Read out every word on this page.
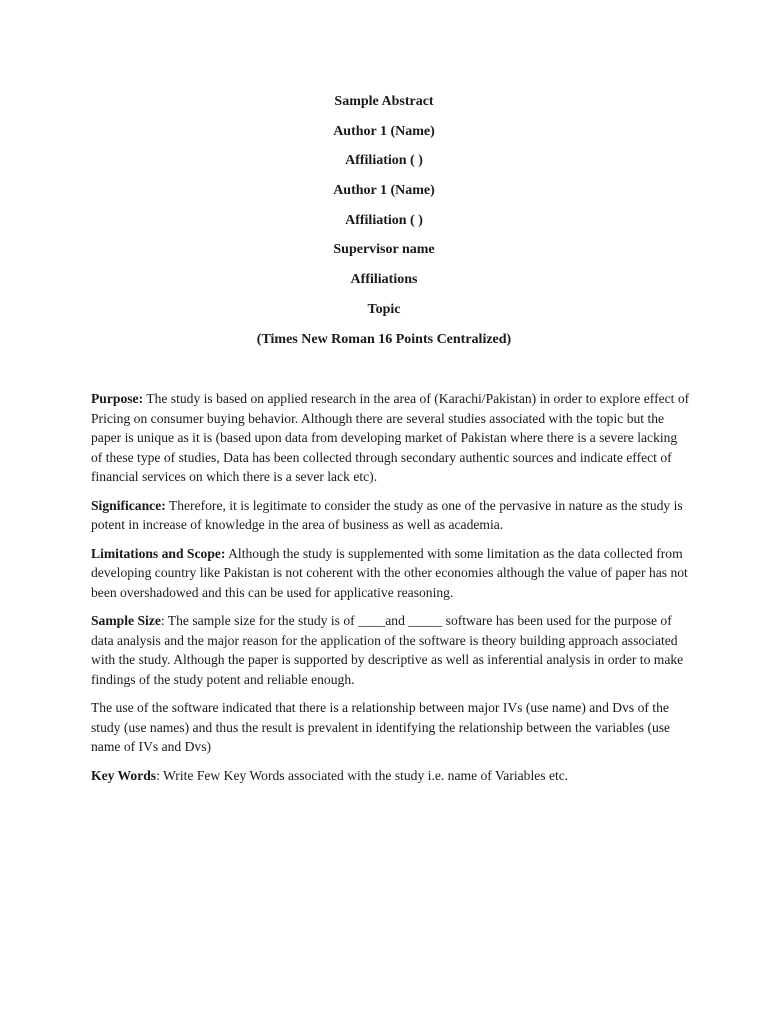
Sample Abstract
Author 1 (Name)
Affiliation ( )
Author 1 (Name)
Affiliation ( )
Supervisor name
Affiliations
Topic
(Times New Roman 16 Points Centralized)

Purpose: The study is based on applied research in the area of (Karachi/Pakistan) in order to explore effect of Pricing on consumer buying behavior. Although there are several studies associated with the topic but the paper is unique as it is (based upon data from developing market of Pakistan where there is a severe lacking of these type of studies, Data has been collected through secondary authentic sources and indicate effect of financial services on which there is a sever lack etc).

Significance: Therefore, it is legitimate to consider the study as one of the pervasive in nature as the study is potent in increase of knowledge in the area of business as well as academia.

Limitations and Scope: Although the study is supplemented with some limitation as the data collected from developing country like Pakistan is not coherent with the other economies although the value of paper has not been overshadowed and this can be used for applicative reasoning.

Sample Size: The sample size for the study is of ____and _____ software has been used for the purpose of data analysis and the major reason for the application of the software is theory building approach associated with the study. Although the paper is supported by descriptive as well as inferential analysis in order to make findings of the study potent and reliable enough.

The use of the software indicated that there is a relationship between major IVs (use name) and Dvs of the study (use names) and thus the result is prevalent in identifying the relationship between the variables (use name of IVs and Dvs)

Key Words: Write Few Key Words associated with the study i.e. name of Variables etc.
